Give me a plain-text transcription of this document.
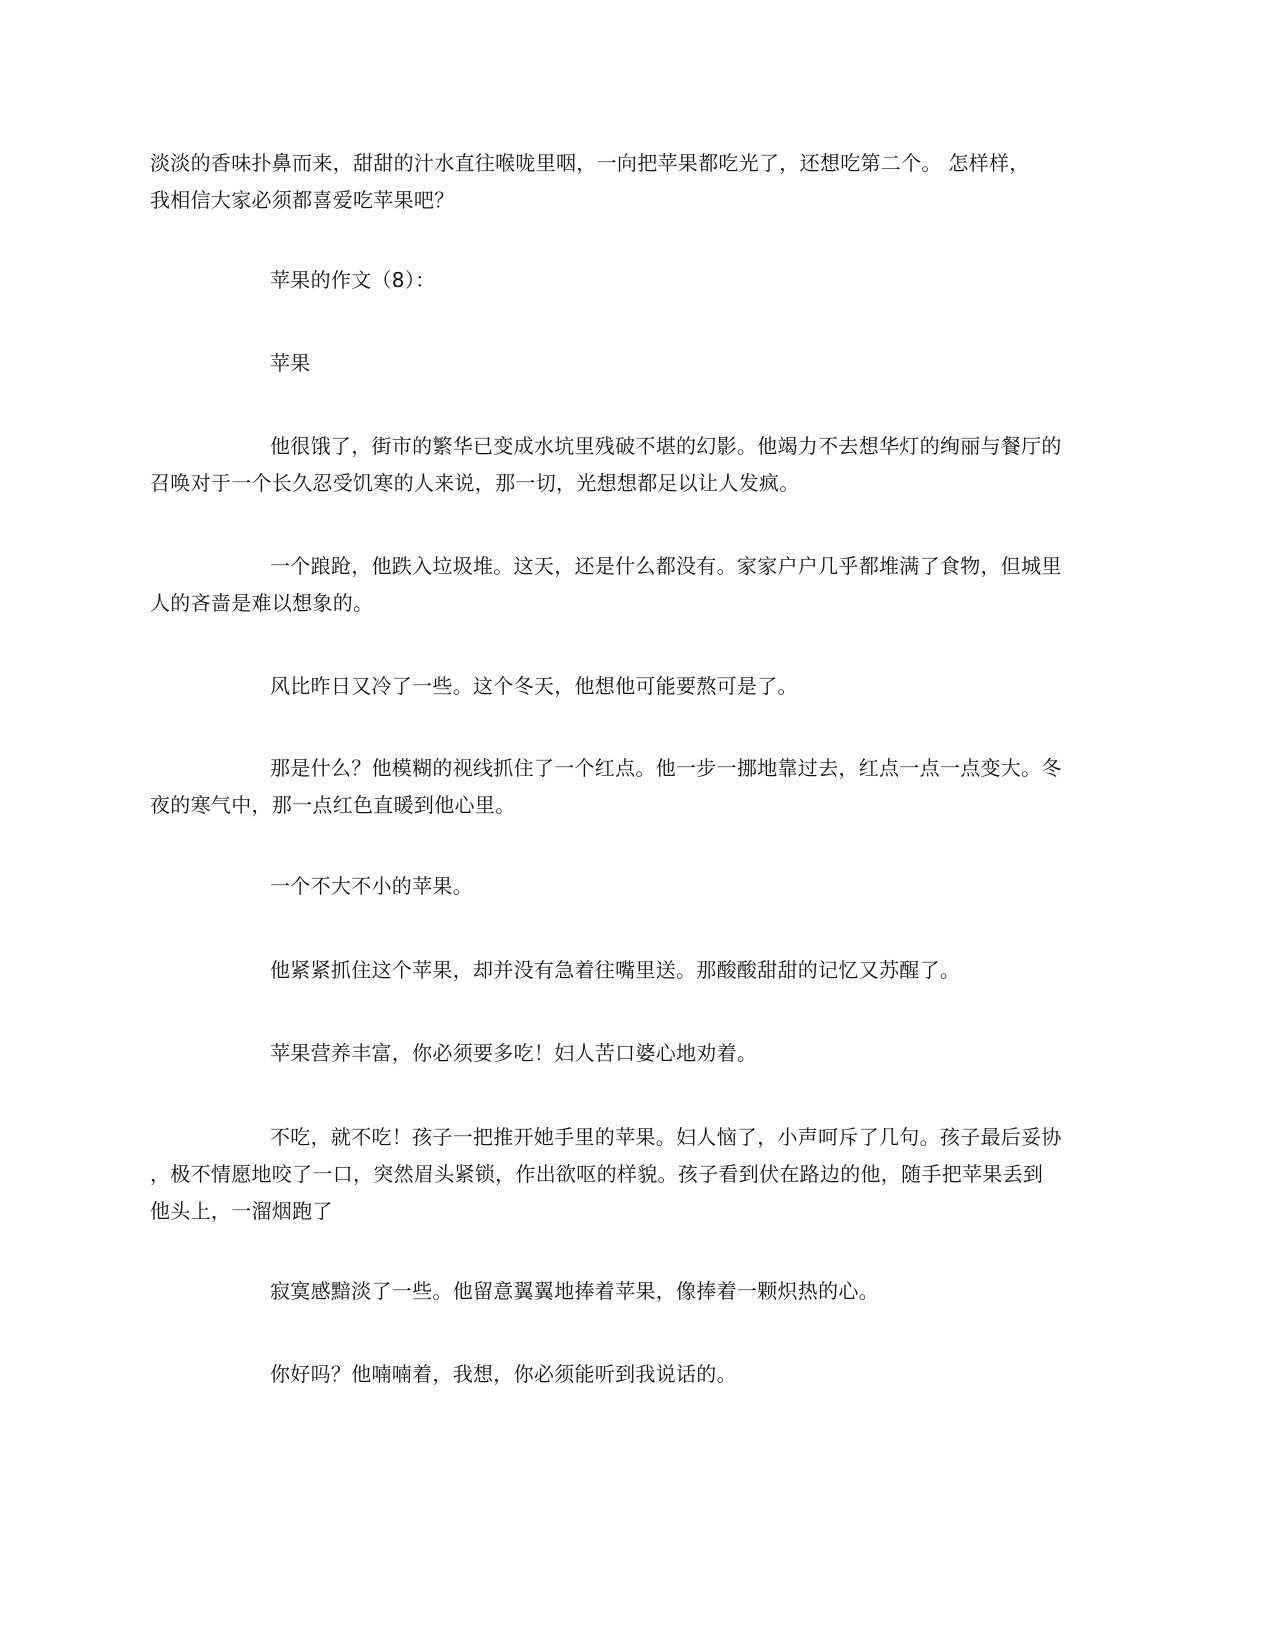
淡淡的香味扑鼻而来，甜甜的汁水直往喉咙里咽，一向把苹果都吃光了，还想吃第二个。 怎样样，
我相信大家必须都喜爱吃苹果吧？
苹果的作文（8）：
苹果
他很饿了，街市的繁华已变成水坑里残破不堪的幻影。他竭力不去想华灯的绚丽与餐厅的
召唤对于一个长久忍受饥寒的人来说，那一切，光想想都足以让人发疯。
一个踉跄，他跌入垃圾堆。这天，还是什么都没有。家家户户几乎都堆满了食物，但城里
人的吝啬是难以想象的。
风比昨日又冷了一些。这个冬天，他想他可能要熬可是了。
那是什么？他模糊的视线抓住了一个红点。他一步一挪地靠过去，红点一点一点变大。冬
夜的寒气中，那一点红色直暖到他心里。
一个不大不小的苹果。
他紧紧抓住这个苹果，却并没有急着往嘴里送。那酸酸甜甜的记忆又苏醒了。
苹果营养丰富，你必须要多吃！妇人苦口婆心地劝着。
不吃，就不吃！孩子一把推开她手里的苹果。妇人恼了，小声呵斥了几句。孩子最后妥协
，极不情愿地咬了一口，突然眉头紧锁，作出欲呕的样貌。孩子看到伏在路边的他，随手把苹果丢到
他头上，一溜烟跑了
寂寞感黯淡了一些。他留意翼翼地捧着苹果，像捧着一颗炽热的心。
你好吗？他喃喃着，我想，你必须能听到我说话的。
